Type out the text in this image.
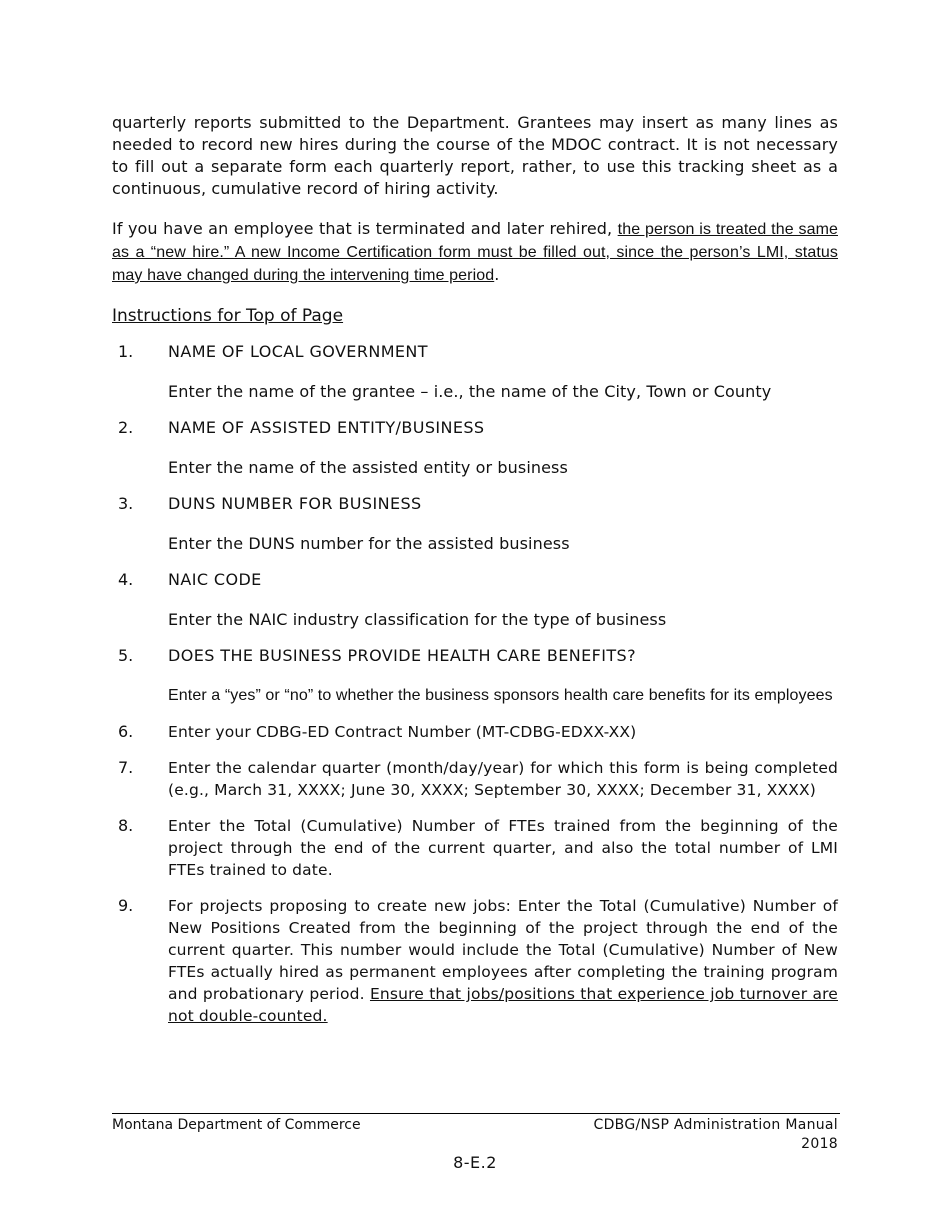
quarterly reports submitted to the Department. Grantees may insert as many lines as needed to record new hires during the course of the MDOC contract. It is not necessary to fill out a separate form each quarterly report, rather, to use this tracking sheet as a continuous, cumulative record of hiring activity.

If you have an employee that is terminated and later rehired, the person is treated the same as a “new hire.” A new Income Certification form must be filled out, since the person’s LMI, status may have changed during the intervening time period.

Instructions for Top of Page

1. NAME OF LOCAL GOVERNMENT

Enter the name of the grantee – i.e., the name of the City, Town or County

2. NAME OF ASSISTED ENTITY/BUSINESS

Enter the name of the assisted entity or business

3. DUNS NUMBER FOR BUSINESS

Enter the DUNS number for the assisted business

4. NAIC CODE

Enter the NAIC industry classification for the type of business

5. DOES THE BUSINESS PROVIDE HEALTH CARE BENEFITS?

Enter a “yes” or “no” to whether the business sponsors health care benefits for its employees

6. Enter your CDBG-ED Contract Number (MT-CDBG-EDXX-XX)

7. Enter the calendar quarter (month/day/year) for which this form is being completed (e.g., March 31, XXXX; June 30, XXXX; September 30, XXXX; December 31, XXXX)

8. Enter the Total (Cumulative) Number of FTEs trained from the beginning of the project through the end of the current quarter, and also the total number of LMI FTEs trained to date.

9. For projects proposing to create new jobs: Enter the Total (Cumulative) Number of New Positions Created from the beginning of the project through the end of the current quarter. This number would include the Total (Cumulative) Number of New FTEs actually hired as permanent employees after completing the training program and probationary period. Ensure that jobs/positions that experience job turnover are not double-counted.

Montana Department of Commerce	CDBG/NSP Administration Manual
2018
8-E.2
